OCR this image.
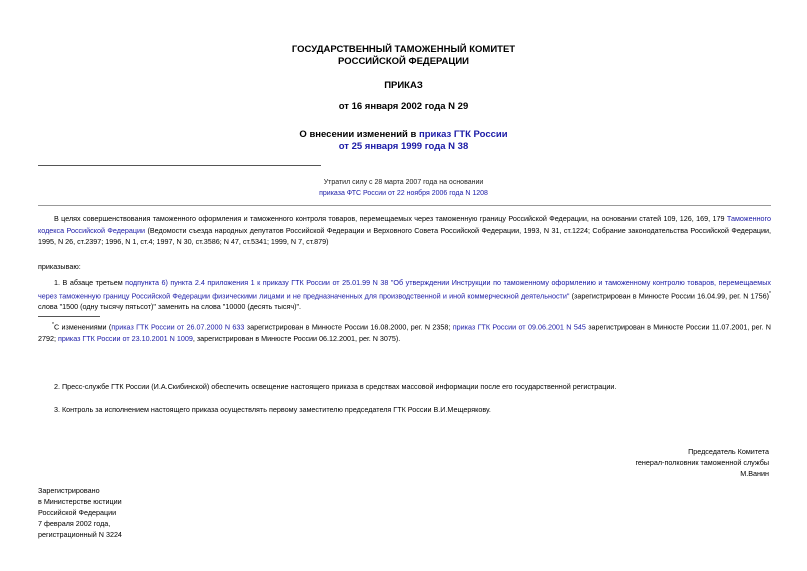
ГОСУДАРСТВЕННЫЙ ТАМОЖЕННЫЙ КОМИТЕТ
РОССИЙСКОЙ ФЕДЕРАЦИИ
ПРИКАЗ
от 16 января 2002 года N 29
О внесении изменений в приказ ГТК России
от 25 января 1999 года N 38
Утратил силу с 28 марта 2007 года на основании
приказа ФТС России от 22 ноября 2006 года N 1208
В целях совершенствования таможенного оформления и таможенного контроля товаров, перемещаемых через таможенную границу Российской Федерации, на основании статей 109, 126, 169, 179 Таможенного кодекса Российской Федерации (Ведомости съезда народных депутатов Российской Федерации и Верховного Совета Российской Федерации, 1993, N 31, ст.1224; Собрание законодательства Российской Федерации, 1995, N 26, ст.2397; 1996, N 1, ст.4; 1997, N 30, ст.3586; N 47, ст.5341; 1999, N 7, ст.879)
приказываю:
1. В абзаце третьем подпункта 6) пункта 2.4 приложения 1 к приказу ГТК России от 25.01.99 N 38 "Об утверждении Инструкции по таможенному оформлению и таможенному контролю товаров, перемещаемых через таможенную границу Российской Федерации физическими лицами и не предназначенных для производственной и иной коммерческной деятельности" (зарегистрирован в Минюсте России 16.04.99, рег. N 1756)* слова "1500 (одну тысячу пятьсот)" заменить на слова "10000 (десять тысяч)".
*С изменениями (приказ ГТК России от 26.07.2000 N 633 зарегистрирован в Минюсте России 16.08.2000, рег. N 2358; приказ ГТК России от 09.06.2001 N 545 зарегистрирован в Минюсте России 11.07.2001, рег. N 2792; приказ ГТК России от 23.10.2001 N 1009, зарегистрирован в Минюсте России 06.12.2001, рег. N 3075).
2. Пресс-службе ГТК России (И.А.Скибинской) обеспечить освещение настоящего приказа в средствах массовой информации после его государственной регистрации.
3. Контроль за исполнением настоящего приказа осуществлять первому заместителю председателя ГТК России В.И.Мещерякову.
Председатель Комитета
генерал-полковник таможенной службы
М.Ванин
Зарегистрировано
в Министерстве юстиции
Российской Федерации
7 февраля 2002 года,
регистрационный N 3224
